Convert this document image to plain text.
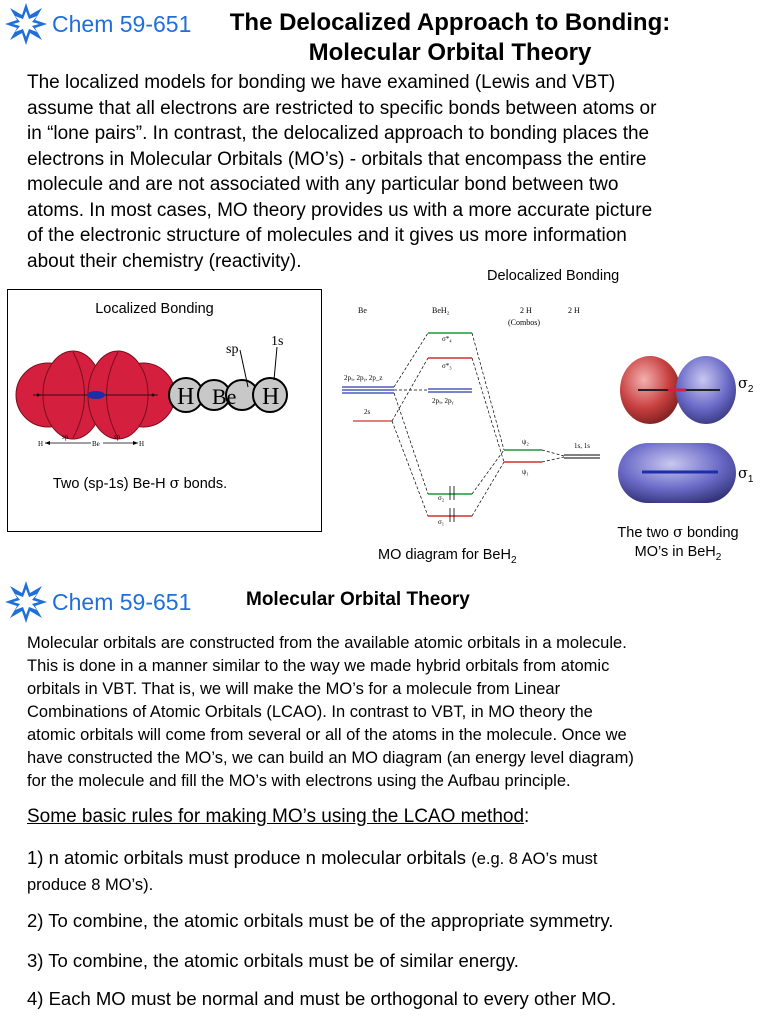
Chem 59-651	The Delocalized Approach to Bonding:
Molecular Orbital Theory
The localized models for bonding we have examined (Lewis and VBT)
assume that all electrons are restricted to specific bonds between atoms or
in “lone pairs”. In contrast, the delocalized approach to bonding places the
electrons in Molecular Orbitals (MO’s) - orbitals that encompass the entire
molecule and are not associated with any particular bond between two
atoms. In most cases, MO theory provides us with a more accurate picture
of the electronic structure of molecules and it gives us more information
about their chemistry (reactivity).
Localized Bonding
H Be H
sp
1s
H
sp
Be
sp
H
Two (sp-1s) Be-H σ bonds.
Delocalized Bonding
Be	BeH₂	2 H
(Combos)
2 H
2pₓ, 2pᵧ, 2p_z
2s
σ*₄
σ*₃
2pₓ, 2pᵧ
σ₂
σ₁
ψ₂
ψ₁
1s, 1s
MO diagram for BeH$_2$
$\sigma_2$
$\sigma_1$
The two σ bonding
MO’s in BeH$_2$
Chem 59-651	Molecular Orbital Theory
Molecular orbitals are constructed from the available atomic orbitals in a molecule.
This is done in a manner similar to the way we made hybrid orbitals from atomic
orbitals in VBT. That is, we will make the MO’s for a molecule from Linear
Combinations of Atomic Orbitals (LCAO). In contrast to VBT, in MO theory the
atomic orbitals will come from several or all of the atoms in the molecule. Once we
have constructed the MO’s, we can build an MO diagram (an energy level diagram)
for the molecule and fill the MO’s with electrons using the Aufbau principle.
Some basic rules for making MO’s using the LCAO method:
1) n atomic orbitals must produce n molecular orbitals (e.g. 8 AO’s must
produce 8 MO’s).
2) To combine, the atomic orbitals must be of the appropriate symmetry.
3) To combine, the atomic orbitals must be of similar energy.
4) Each MO must be normal and must be orthogonal to every other MO.
